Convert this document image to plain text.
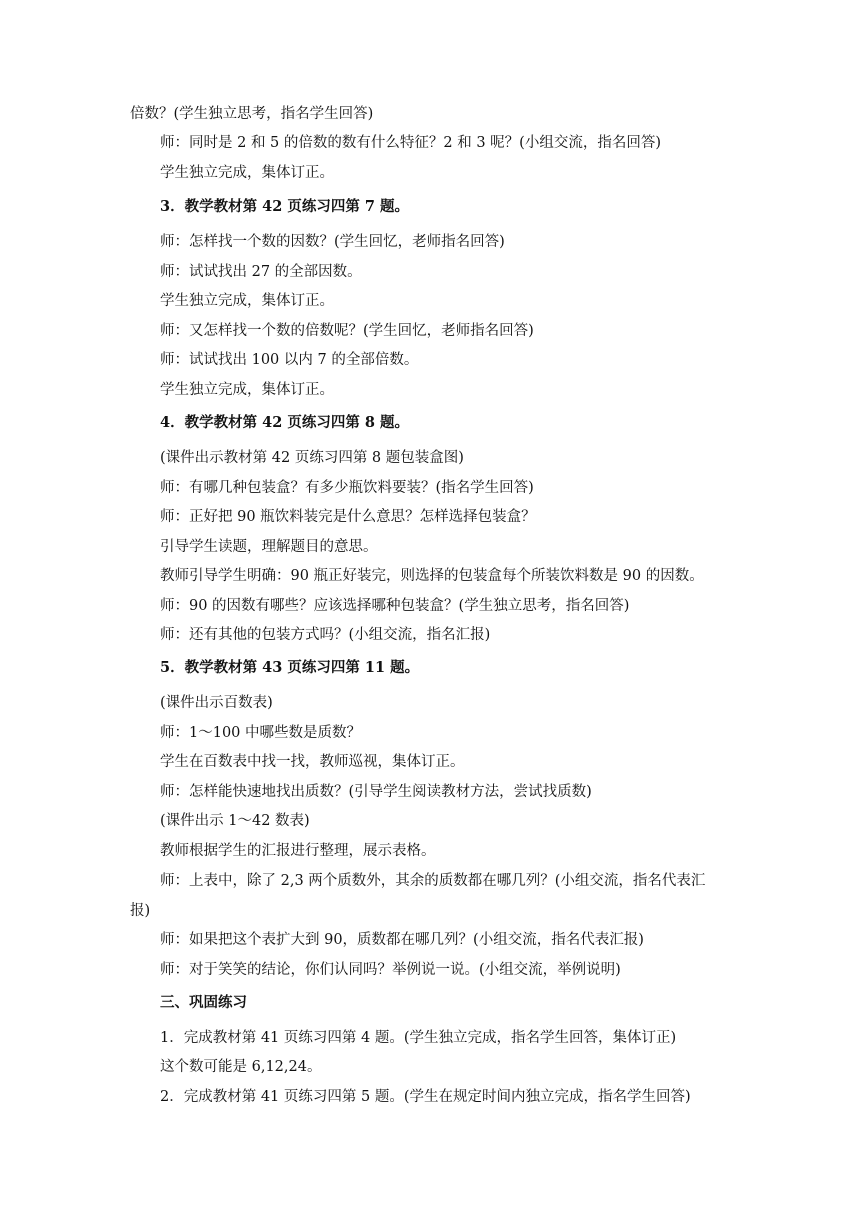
倍数？(学生独立思考，指名学生回答)
师：同时是 2 和 5 的倍数的数有什么特征？2 和 3 呢？(小组交流，指名回答)
学生独立完成，集体订正。
3．教学教材第 42 页练习四第 7 题。
师：怎样找一个数的因数？(学生回忆，老师指名回答)
师：试试找出 27 的全部因数。
学生独立完成，集体订正。
师：又怎样找一个数的倍数呢？(学生回忆，老师指名回答)
师：试试找出 100 以内 7 的全部倍数。
学生独立完成，集体订正。
4．教学教材第 42 页练习四第 8 题。
(课件出示教材第 42 页练习四第 8 题包装盒图)
师：有哪几种包装盒？有多少瓶饮料要装？(指名学生回答)
师：正好把 90 瓶饮料装完是什么意思？怎样选择包装盒？
引导学生读题，理解题目的意思。
教师引导学生明确：90 瓶正好装完，则选择的包装盒每个所装饮料数是 90 的因数。
师：90 的因数有哪些？应该选择哪种包装盒？(学生独立思考，指名回答)
师：还有其他的包装方式吗？(小组交流，指名汇报)
5．教学教材第 43 页练习四第 11 题。
(课件出示百数表)
师：1～100 中哪些数是质数？
学生在百数表中找一找，教师巡视，集体订正。
师：怎样能快速地找出质数？(引导学生阅读教材方法，尝试找质数)
(课件出示 1～42 数表)
教师根据学生的汇报进行整理，展示表格。
师：上表中，除了 2,3 两个质数外，其余的质数都在哪几列？(小组交流，指名代表汇
报)
师：如果把这个表扩大到 90，质数都在哪几列？(小组交流，指名代表汇报)
师：对于笑笑的结论，你们认同吗？举例说一说。(小组交流，举例说明)
三、巩固练习
1．完成教材第 41 页练习四第 4 题。(学生独立完成，指名学生回答，集体订正)
这个数可能是 6,12,24。
2．完成教材第 41 页练习四第 5 题。(学生在规定时间内独立完成，指名学生回答)
